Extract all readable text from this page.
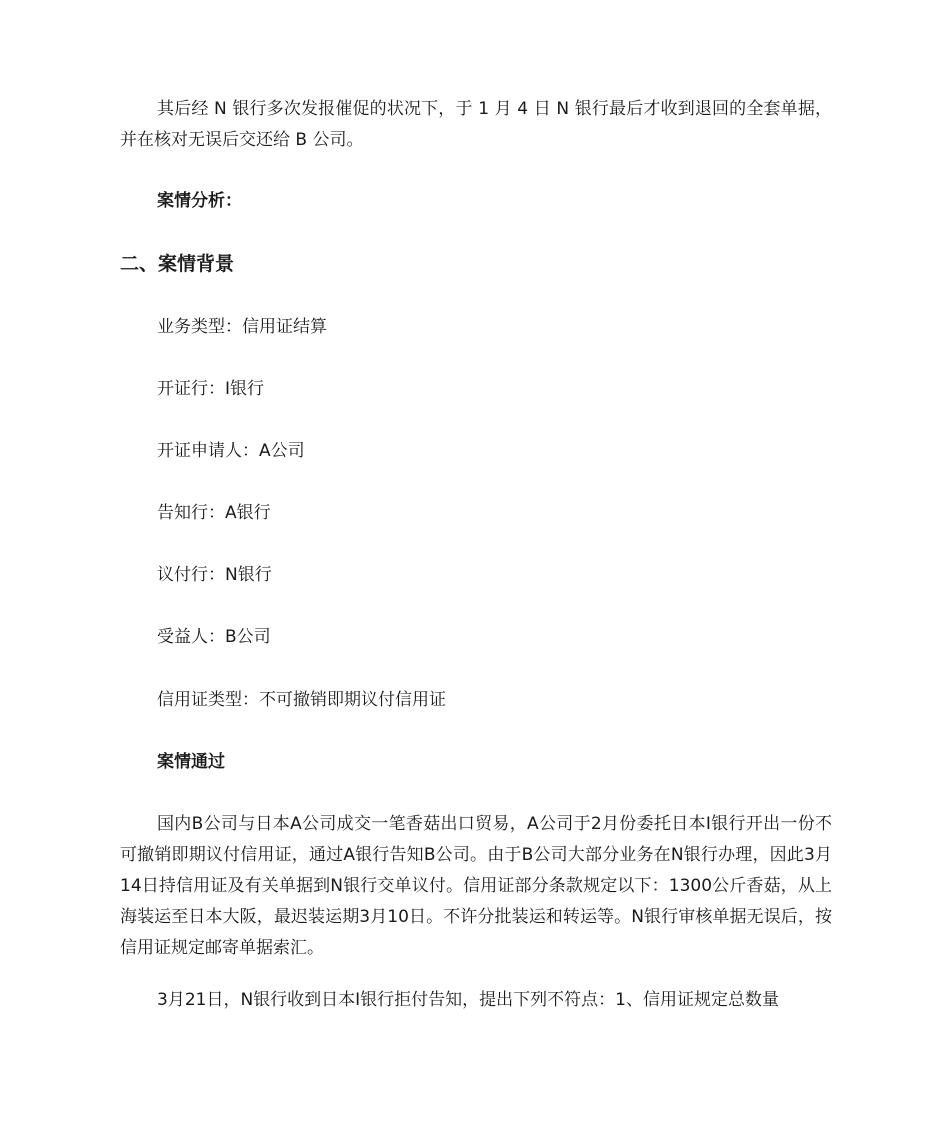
其后经 N 银行多次发报催促的状况下，于 1 月 4 日 N 银行最后才收到退回的全套单据，并在核对无误后交还给 B 公司。

案情分析：

二、案情背景

业务类型：信用证结算

开证行：I银行

开证申请人：A公司

告知行：A银行

议付行：N银行

受益人：B公司

信用证类型：不可撤销即期议付信用证

案情通过

国内B公司与日本A公司成交一笔香菇出口贸易，A公司于2月份委托日本I银行开出一份不可撤销即期议付信用证，通过A银行告知B公司。由于B公司大部分业务在N银行办理，因此3月14日持信用证及有关单据到N银行交单议付。信用证部分条款规定以下：1300公斤香菇，从上海装运至日本大阪，最迟装运期3月10日。不许分批装运和转运等。N银行审核单据无误后，按信用证规定邮寄单据索汇。

3月21日，N银行收到日本I银行拒付告知，提出下列不符点：1、信用证规定总数量
